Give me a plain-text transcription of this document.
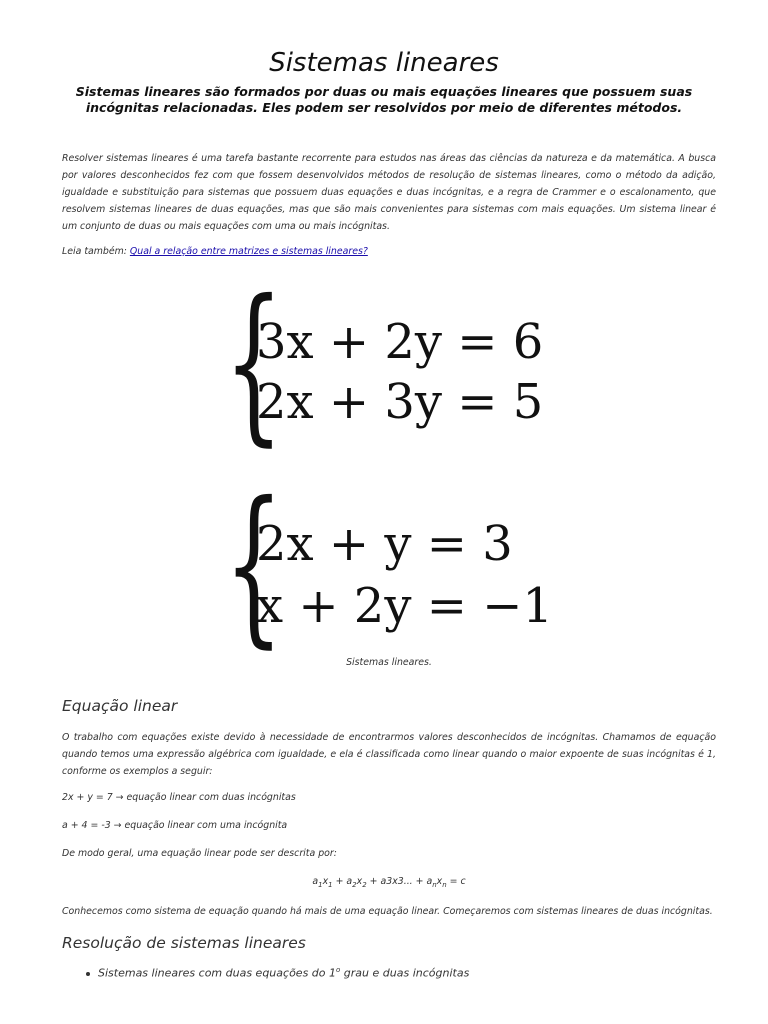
Sistemas lineares
Sistemas lineares são formados por duas ou mais equações lineares que possuem suas incógnitas relacionadas. Eles podem ser resolvidos por meio de diferentes métodos.
Resolver sistemas lineares é uma tarefa bastante recorrente para estudos nas áreas das ciências da natureza e da matemática. A busca por valores desconhecidos fez com que fossem desenvolvidos métodos de resolução de sistemas lineares, como o método da adição, igualdade e substituição para sistemas que possuem duas equações e duas incógnitas, e a regra de Crammer e o escalonamento, que resolvem sistemas lineares de duas equações, mas que são mais convenientes para sistemas com mais equações. Um sistema linear é um conjunto de duas ou mais equações com uma ou mais incógnitas.
Leia também: Qual a relação entre matrizes e sistemas lineares?
{
3x + 2y = 6
2x + 3y = 5
{
2x + y = 3
x + 2y = −1
Sistemas lineares.
Equação linear
O trabalho com equações existe devido à necessidade de encontrarmos valores desconhecidos de incógnitas. Chamamos de equação quando temos uma expressão algébrica com igualdade, e ela é classificada como linear quando o maior expoente de suas incógnitas é 1, conforme os exemplos a seguir:
2x + y = 7 → equação linear com duas incógnitas
a + 4 = -3 → equação linear com uma incógnita
De modo geral, uma equação linear pode ser descrita por:
$a_1x_1 + a_2x_2 + a3x3$... + $a_nx_n = c$
Conhecemos como sistema de equação quando há mais de uma equação linear. Começaremos com sistemas lineares de duas incógnitas.
Resolução de sistemas lineares
Sistemas lineares com duas equações do 1$^o$ grau e duas incógnitas
